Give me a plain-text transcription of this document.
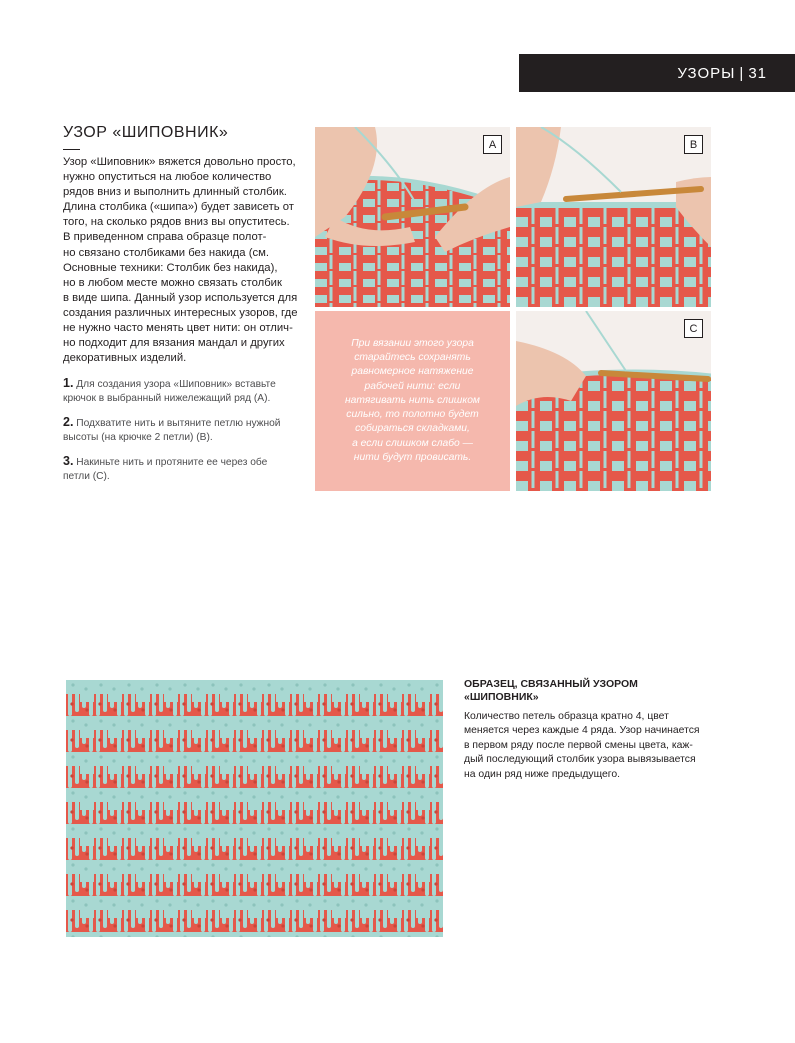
УЗОРЫ | 31
УЗОР «ШИПОВНИК»

Узор «Шиповник» вяжется довольно просто,
нужно опуститься на любое количество
рядов вниз и выполнить длинный столбик.
Длина столбика («шипа») будет зависеть от
того, на сколько рядов вниз вы опуститесь.
В приведенном справа образце полот-
но связано столбиками без накида (см.
Основные техники: Столбик без накида),
но в любом месте можно связать столбик
в виде шипа. Данный узор используется для
создания различных интересных узоров, где
не нужно часто менять цвет нити: он отлич-
но подходит для вязания мандал и других
декоративных изделий.

1. Для создания узора «Шиповник» вставьте
крючок в выбранный нижележащий ряд (A).

2. Подхватите нить и вытяните петлю нужной
высоты (на крючке 2 петли) (B).

3. Накиньте нить и протяните ее через обе
петли (C).

A	B

При вязании этого узора
старайтесь сохранять
равномерное натяжение
рабочей нити: если
натягивать нить слишком
сильно, то полотно будет
собираться складками,
а если слишком слабо —
нити будут провисать.

C

ОБРАЗЕЦ, СВЯЗАННЫЙ УЗОРОМ
«ШИПОВНИК»

Количество петель образца кратно 4, цвет
меняется через каждые 4 ряда. Узор начинается
в первом ряду после первой смены цвета, каж-
дый последующий столбик узора вывязывается
на один ряд ниже предыдущего.
